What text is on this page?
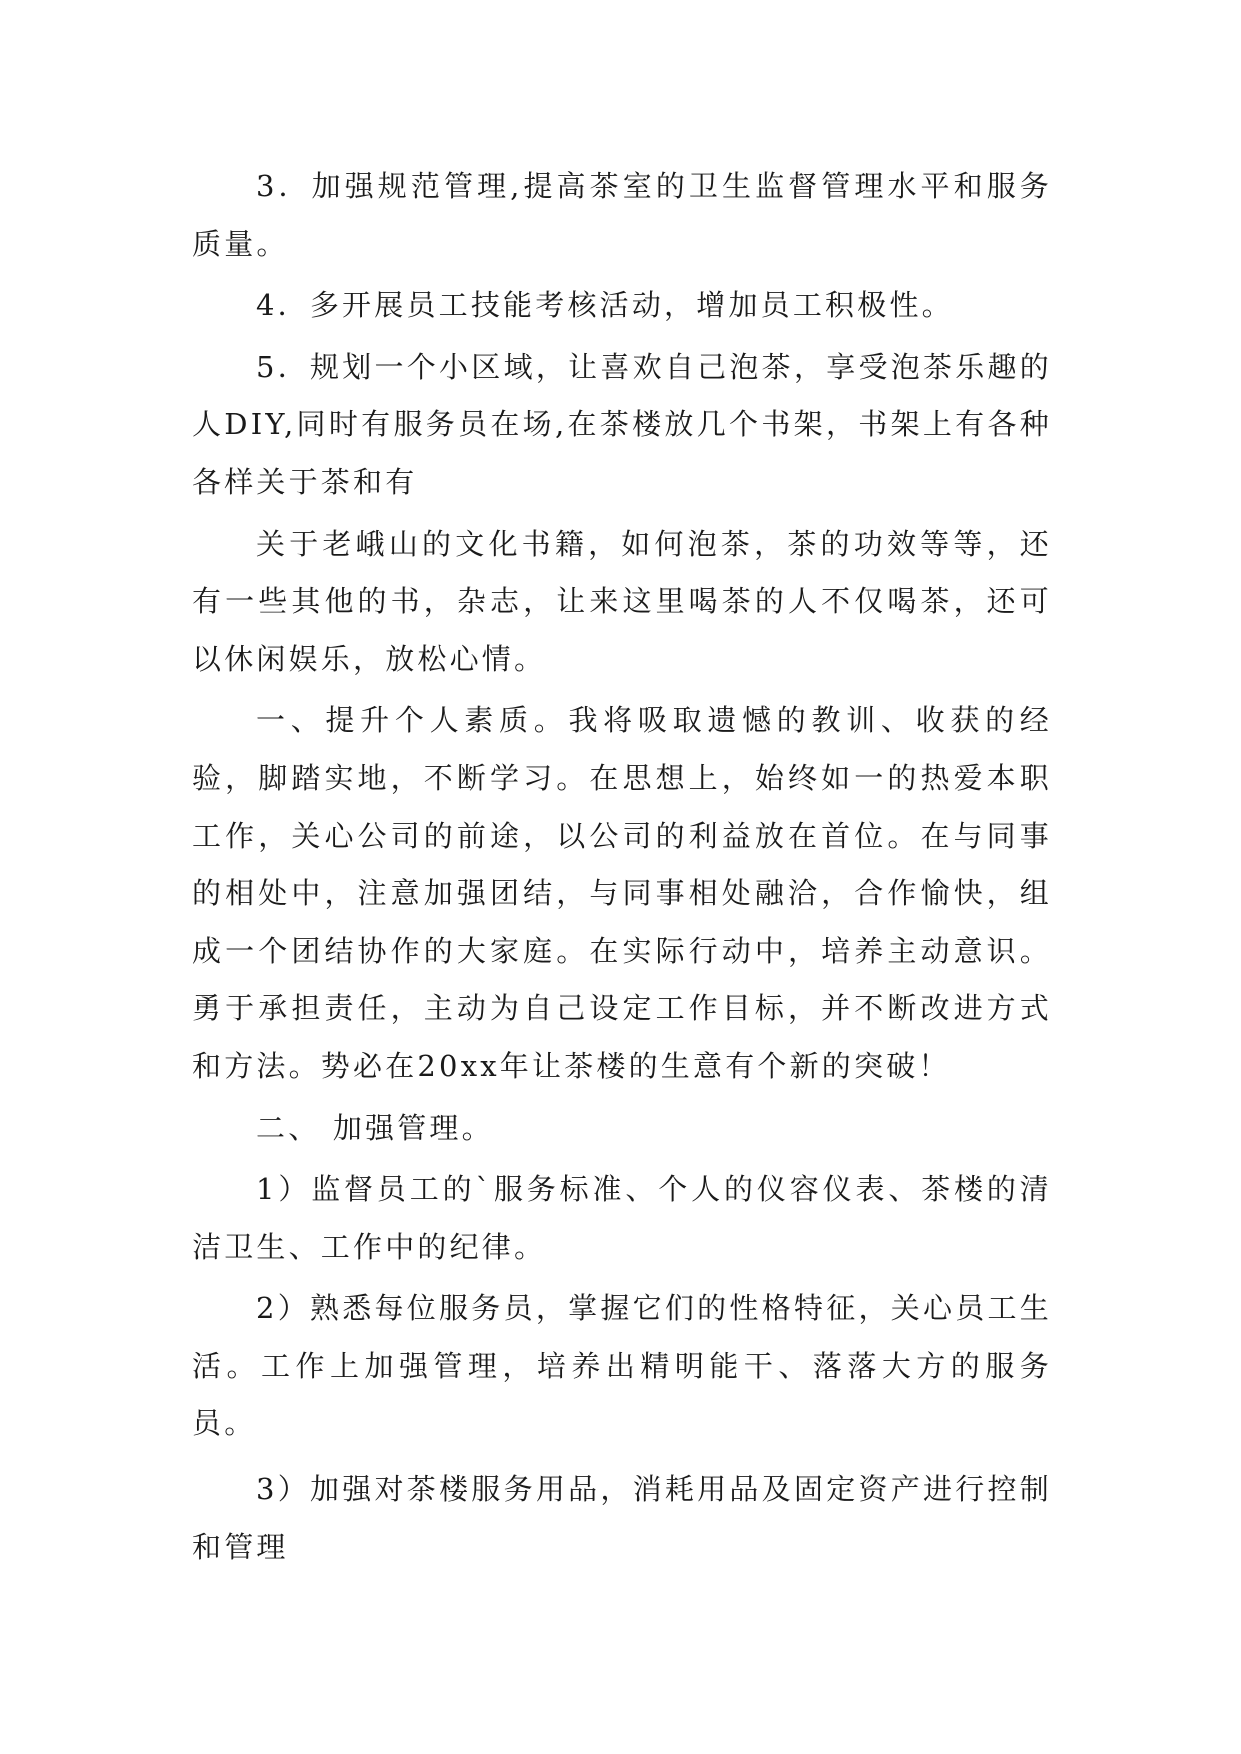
3．加强规范管理,提高茶室的卫生监督管理水平和服务质量。

4．多开展员工技能考核活动，增加员工积极性。

5．规划一个小区域，让喜欢自己泡茶，享受泡茶乐趣的人DIY,同时有服务员在场,在茶楼放几个书架，书架上有各种各样关于茶和有

关于老峨山的文化书籍，如何泡茶，茶的功效等等，还有一些其他的书，杂志，让来这里喝茶的人不仅喝茶，还可以休闲娱乐，放松心情。

一、提升个人素质。我将吸取遗憾的教训、收获的经验，脚踏实地，不断学习。在思想上，始终如一的热爱本职工作，关心公司的前途，以公司的利益放在首位。在与同事的相处中，注意加强团结，与同事相处融洽，合作愉快，组成一个团结协作的大家庭。在实际行动中，培养主动意识。勇于承担责任，主动为自己设定工作目标，并不断改进方式和方法。势必在20xx年让茶楼的生意有个新的突破！

二、 加强管理。

1）监督员工的`服务标准、个人的仪容仪表、茶楼的清洁卫生、工作中的纪律。

2）熟悉每位服务员，掌握它们的性格特征，关心员工生活。工作上加强管理，培养出精明能干、落落大方的服务员。

3）加强对茶楼服务用品，消耗用品及固定资产进行控制和管理
